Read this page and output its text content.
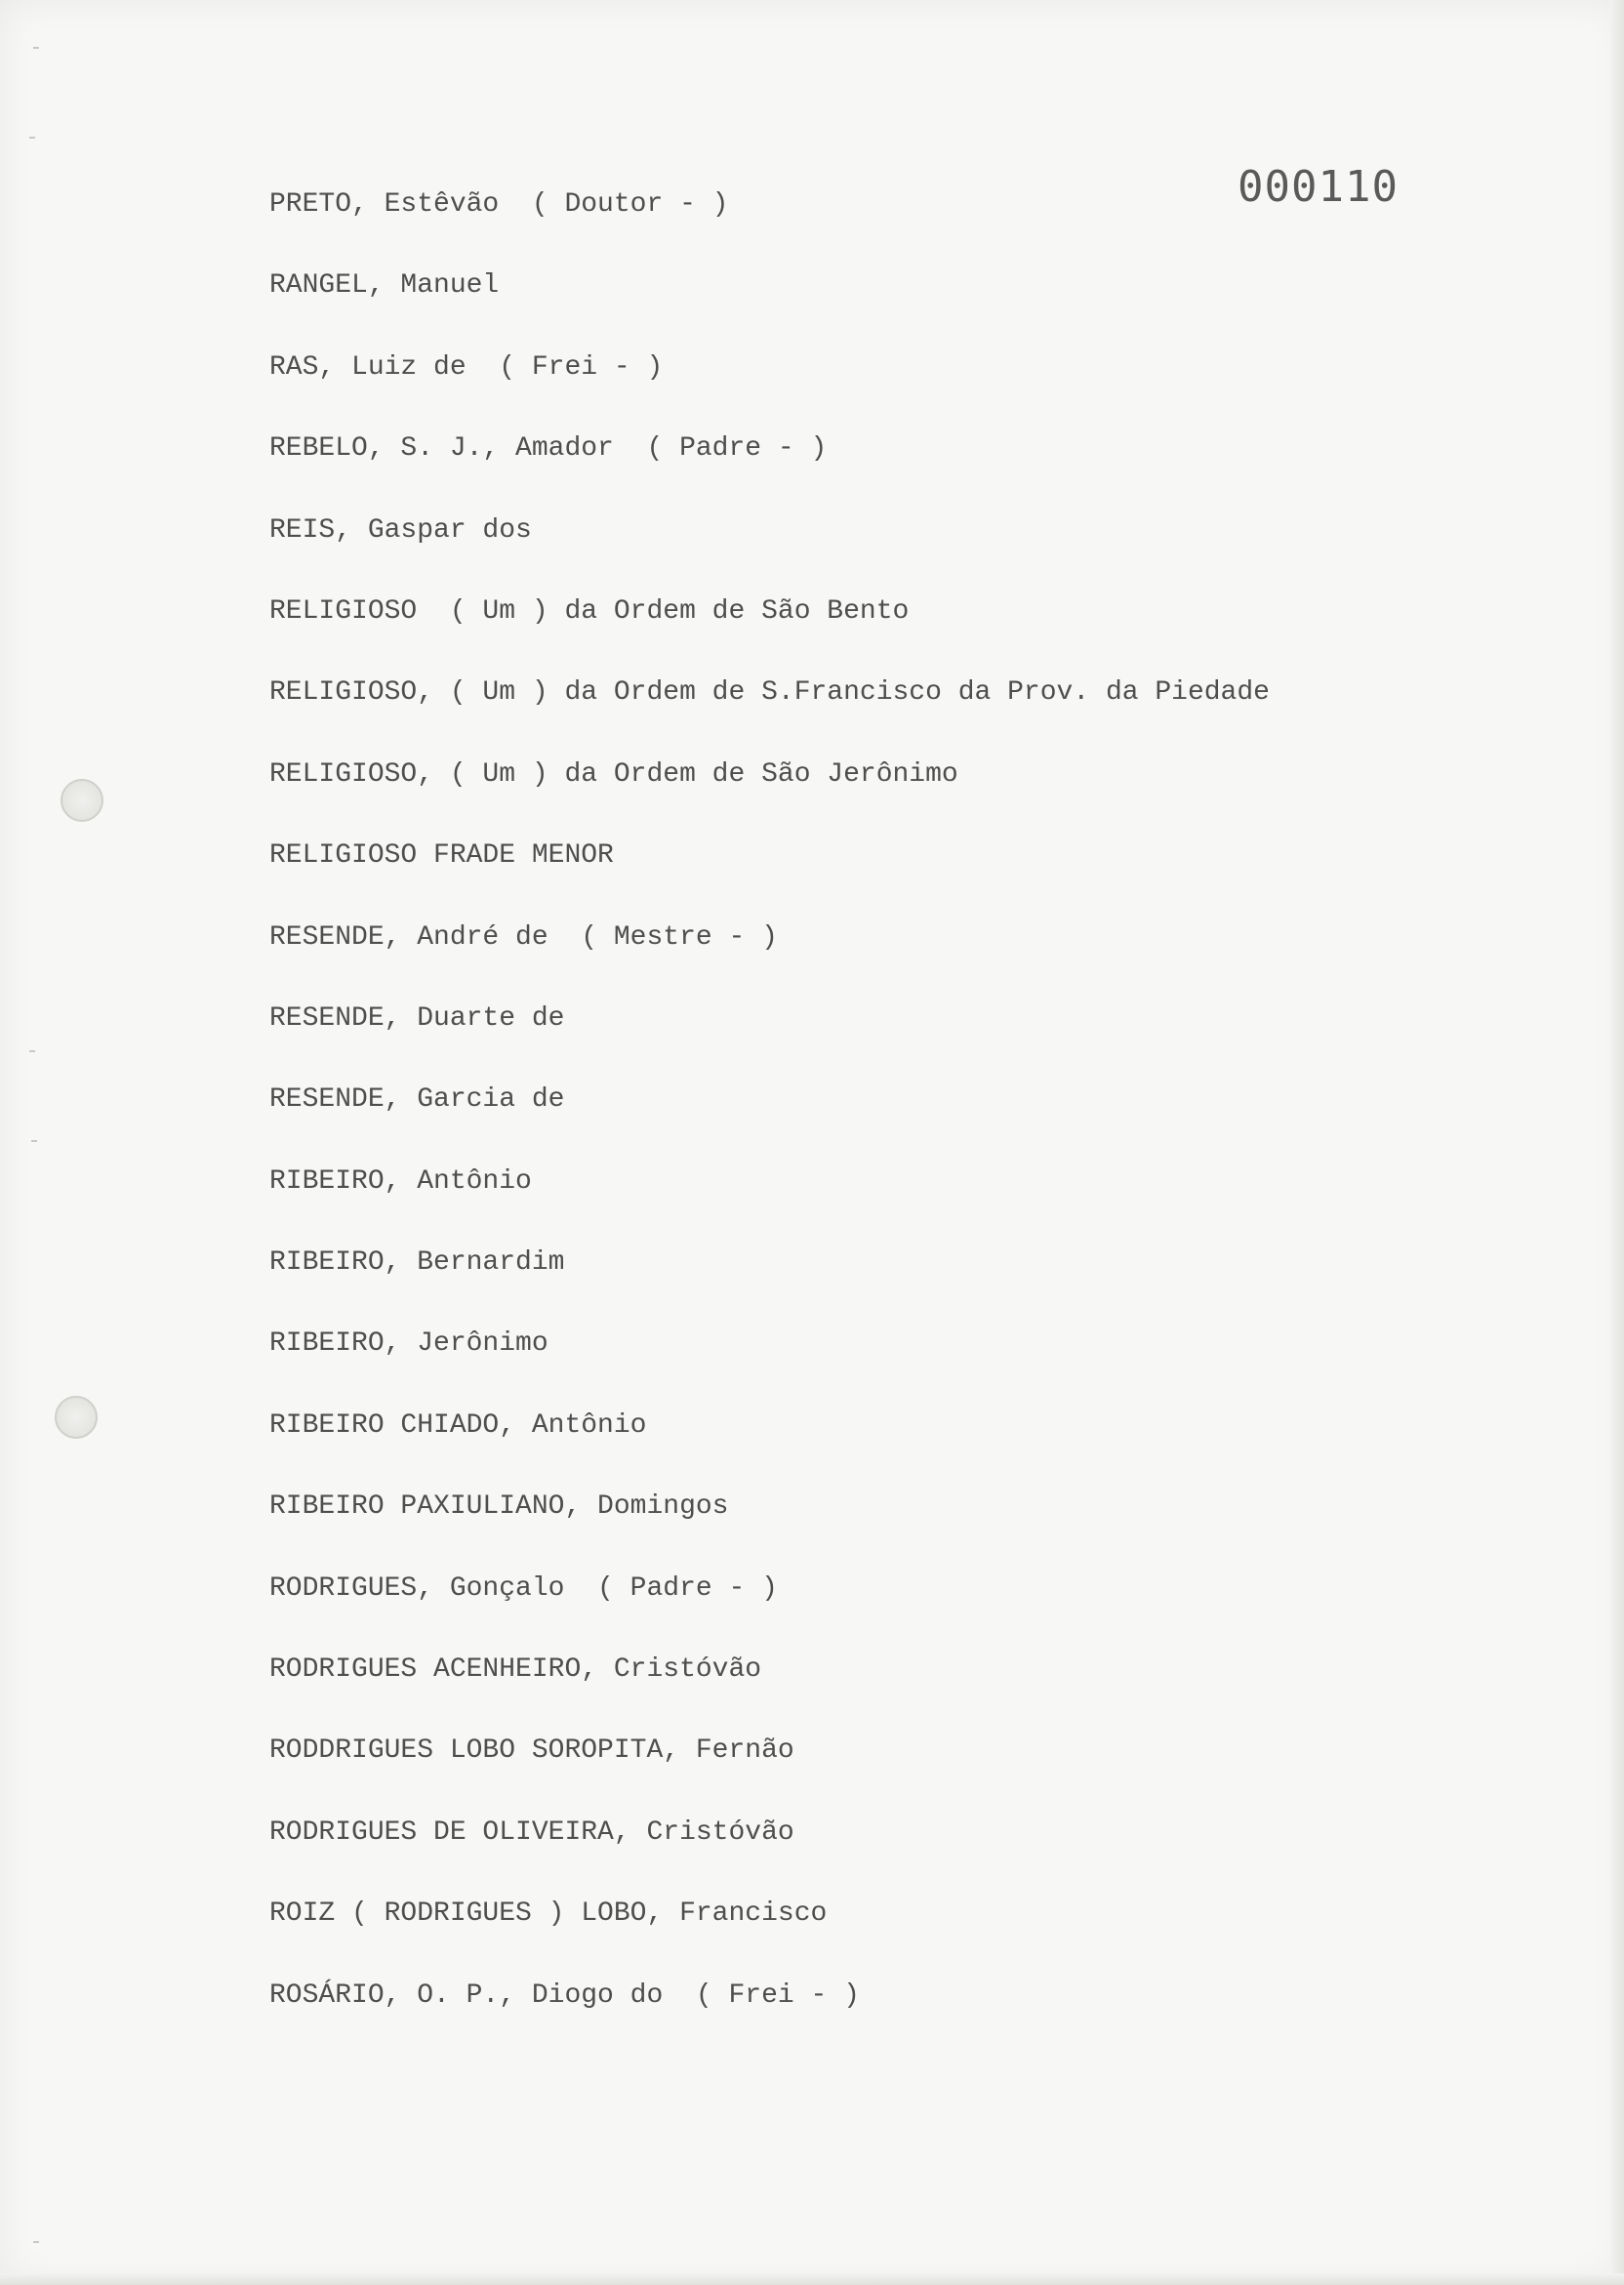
000110
PRETO, Estêvão  ( Doutor - )
RANGEL, Manuel
RAS, Luiz de  ( Frei - )
REBELO, S. J., Amador  ( Padre - )
REIS, Gaspar dos
RELIGIOSO  ( Um ) da Ordem de São Bento
RELIGIOSO, ( Um ) da Ordem de S.Francisco da Prov. da Piedade
RELIGIOSO, ( Um ) da Ordem de São Jerônimo
RELIGIOSO FRADE MENOR
RESENDE, André de  ( Mestre - )
RESENDE, Duarte de
RESENDE, Garcia de
RIBEIRO, Antônio
RIBEIRO, Bernardim
RIBEIRO, Jerônimo
RIBEIRO CHIADO, Antônio
RIBEIRO PAXIULIANO, Domingos
RODRIGUES, Gonçalo  ( Padre - )
RODRIGUES ACENHEIRO, Cristóvão
RODDRIGUES LOBO SOROPITA, Fernão
RODRIGUES DE OLIVEIRA, Cristóvão
ROIZ ( RODRIGUES ) LOBO, Francisco
ROSÁRIO, O. P., Diogo do  ( Frei - )
